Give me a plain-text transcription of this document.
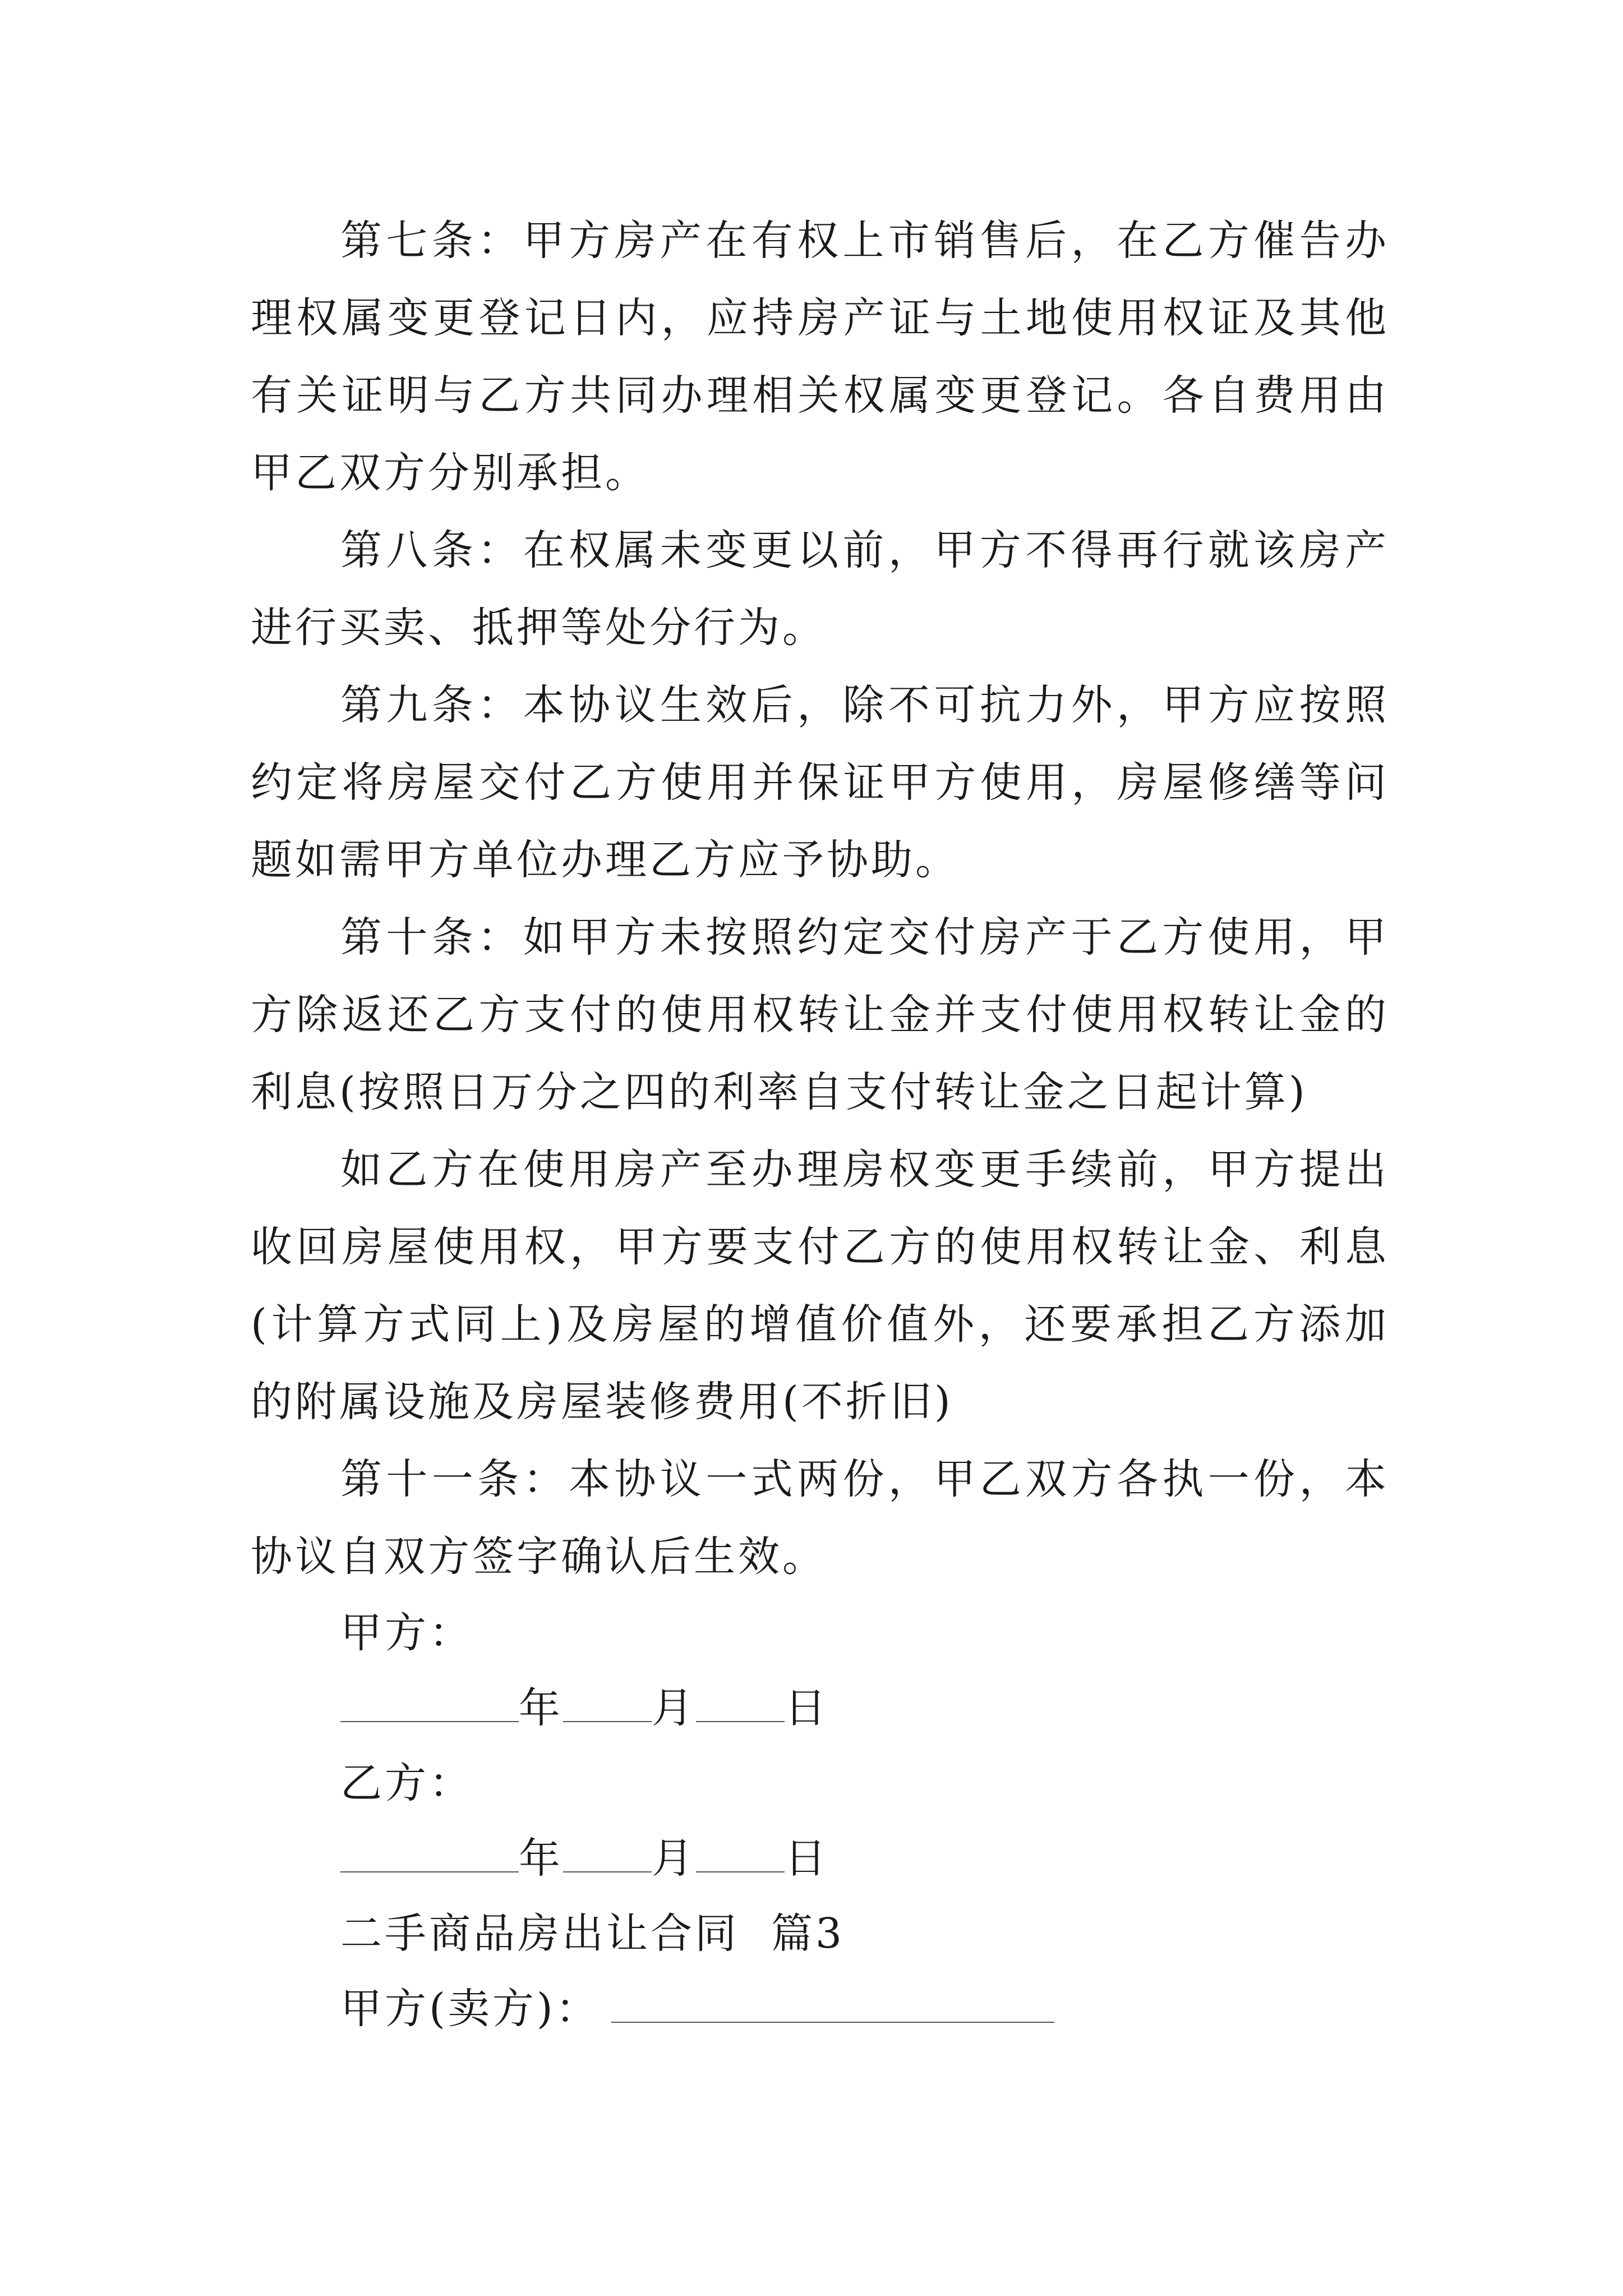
第七条：甲方房产在有权上市销售后，在乙方催告办理权属变更登记日内，应持房产证与土地使用权证及其他有关证明与乙方共同办理相关权属变更登记。各自费用由甲乙双方分别承担。

第八条：在权属未变更以前，甲方不得再行就该房产进行买卖、抵押等处分行为。

第九条：本协议生效后，除不可抗力外，甲方应按照约定将房屋交付乙方使用并保证甲方使用，房屋修缮等问题如需甲方单位办理乙方应予协助。

第十条：如甲方未按照约定交付房产于乙方使用，甲方除返还乙方支付的使用权转让金并支付使用权转让金的利息(按照日万分之四的利率自支付转让金之日起计算)

如乙方在使用房产至办理房权变更手续前，甲方提出收回房屋使用权，甲方要支付乙方的使用权转让金、利息(计算方式同上)及房屋的增值价值外，还要承担乙方添加的附属设施及房屋装修费用(不折旧)

第十一条：本协议一式两份，甲乙双方各执一份，本协议自双方签字确认后生效。

甲方：

年 月 日

乙方：

年 月 日

二手商品房出让合同  篇3

甲方(卖方)：
